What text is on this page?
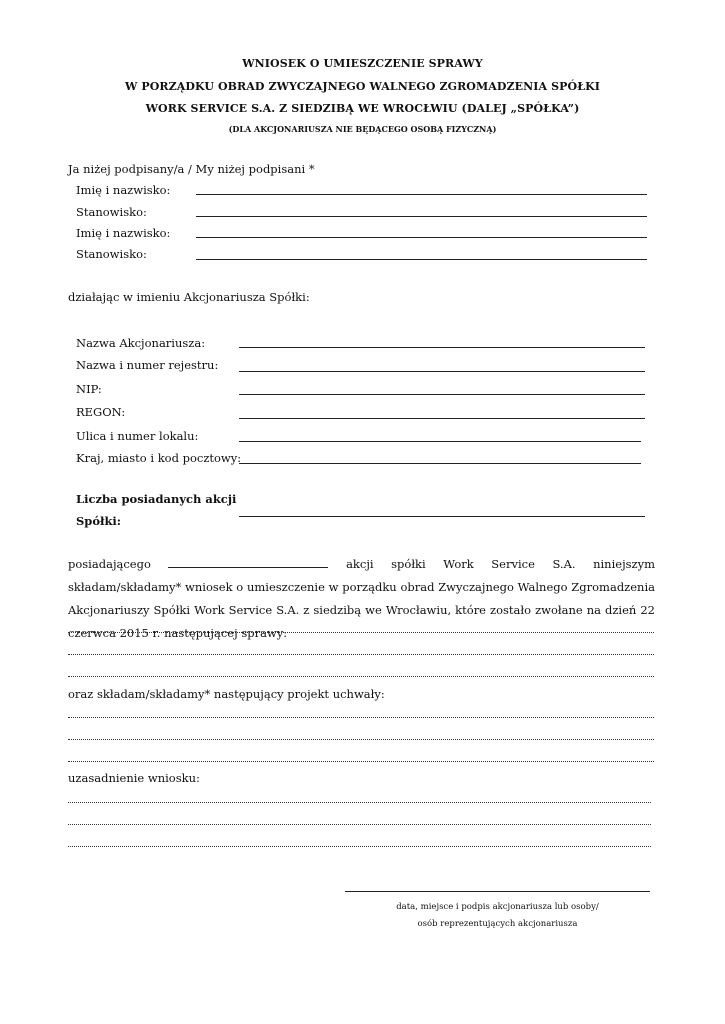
WNIOSEK O UMIESZCZENIE SPRAWY
W PORZĄDKU OBRAD ZWYCZAJNEGO WALNEGO ZGROMADZENIA SPÓŁKI
WORK SERVICE S.A. Z SIEDZIBĄ WE WROCŁWIU (DALEJ „SPÓŁKA”)
(DLA AKCJONARIUSZA NIE BĘDĄCEGO OSOBĄ FIZYCZNĄ)
Ja niżej podpisany/a / My niżej podpisani *
Imię i nazwisko:
Stanowisko:
Imię i nazwisko:
Stanowisko:
działając w imieniu Akcjonariusza Spółki:
Nazwa Akcjonariusza:
Nazwa i numer rejestru:
NIP:
REGON:
Ulica i numer lokalu:
Kraj, miasto i kod pocztowy:
Liczba posiadanych akcji
Spółki:
posiadającego	akcji spółki Work Service S.A. niniejszym składam/składamy* wniosek o umieszczenie w porządku obrad Zwyczajnego Walnego Zgromadzenia Akcjonariuszy Spółki Work Service S.A. z siedzibą we Wrocławiu, które zostało zwołane na dzień 22 czerwca 2015 r. następującej sprawy:
oraz składam/składamy* następujący projekt uchwały:
uzasadnienie wniosku:
data, miejsce i podpis akcjonariusza lub osoby/
osób reprezentujących akcjonariusza
